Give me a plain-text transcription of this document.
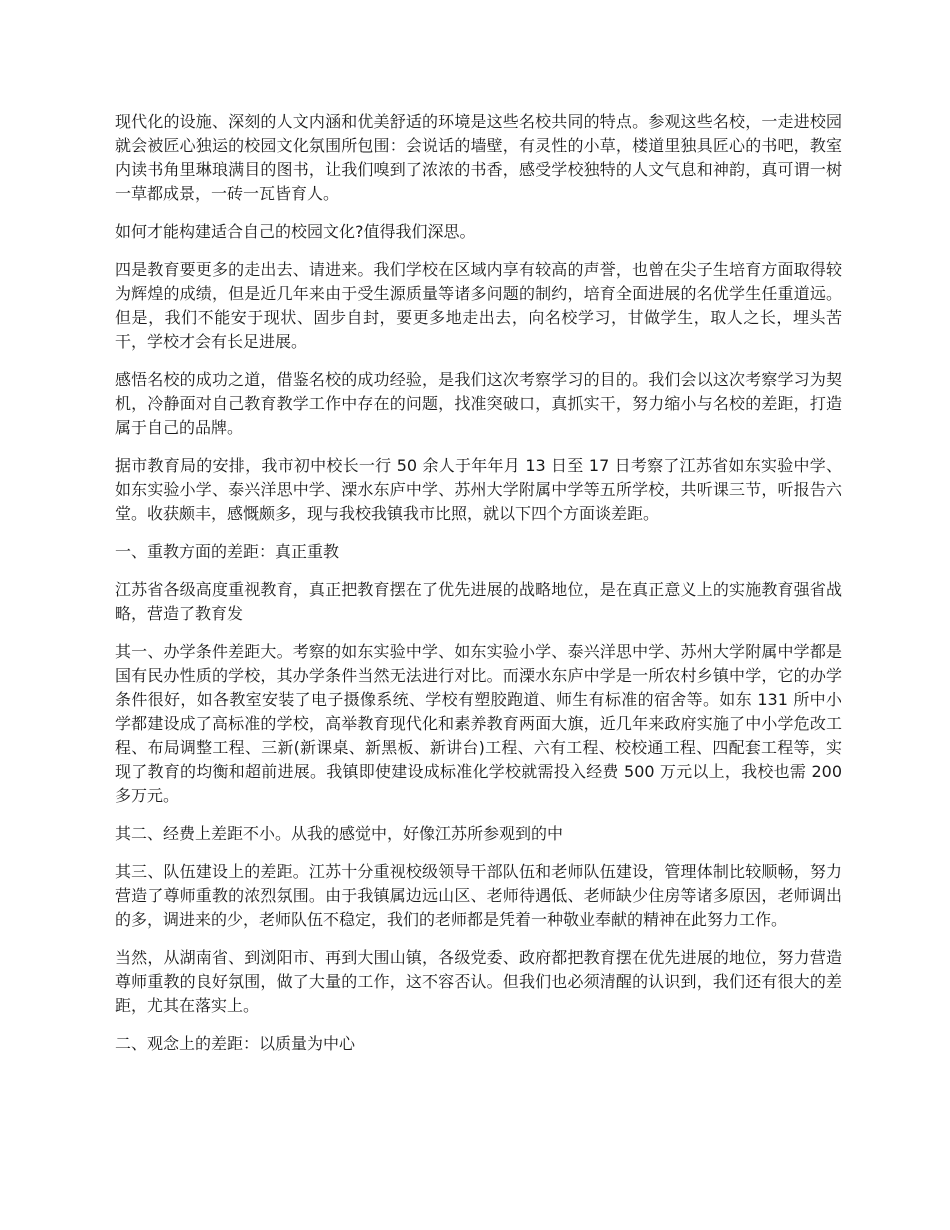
现代化的设施、深刻的人文内涵和优美舒适的环境是这些名校共同的特点。参观这些名校，一走进校园就会被匠心独运的校园文化氛围所包围：会说话的墙壁，有灵性的小草，楼道里独具匠心的书吧，教室内读书角里琳琅满目的图书，让我们嗅到了浓浓的书香，感受学校独特的人文气息和神韵，真可谓一树一草都成景，一砖一瓦皆育人。

如何才能构建适合自己的校园文化?值得我们深思。

四是教育要更多的走出去、请进来。我们学校在区域内享有较高的声誉，也曾在尖子生培育方面取得较为辉煌的成绩，但是近几年来由于受生源质量等诸多问题的制约，培育全面进展的名优学生任重道远。但是，我们不能安于现状、固步自封，要更多地走出去，向名校学习，甘做学生，取人之长，埋头苦干，学校才会有长足进展。

感悟名校的成功之道，借鉴名校的成功经验，是我们这次考察学习的目的。我们会以这次考察学习为契机，冷静面对自己教育教学工作中存在的问题，找准突破口，真抓实干，努力缩小与名校的差距，打造属于自己的品牌。

据市教育局的安排，我市初中校长一行 50 余人于年年月 13 日至 17 日考察了江苏省如东实验中学、如东实验小学、泰兴洋思中学、溧水东庐中学、苏州大学附属中学等五所学校，共听课三节，听报告六堂。收获颇丰，感慨颇多，现与我校我镇我市比照，就以下四个方面谈差距。

一、重教方面的差距：真正重教

江苏省各级高度重视教育，真正把教育摆在了优先进展的战略地位，是在真正意义上的实施教育强省战略，营造了教育发

其一、办学条件差距大。考察的如东实验中学、如东实验小学、泰兴洋思中学、苏州大学附属中学都是国有民办性质的学校，其办学条件当然无法进行对比。而溧水东庐中学是一所农村乡镇中学，它的办学条件很好，如各教室安装了电子摄像系统、学校有塑胶跑道、师生有标准的宿舍等。如东 131 所中小学都建设成了高标准的学校，高举教育现代化和素养教育两面大旗，近几年来政府实施了中小学危改工程、布局调整工程、三新(新课桌、新黑板、新讲台)工程、六有工程、校校通工程、四配套工程等，实现了教育的均衡和超前进展。我镇即使建设成标准化学校就需投入经费 500 万元以上，我校也需 200 多万元。

其二、经费上差距不小。从我的感觉中，好像江苏所参观到的中

其三、队伍建设上的差距。江苏十分重视校级领导干部队伍和老师队伍建设，管理体制比较顺畅，努力营造了尊师重教的浓烈氛围。由于我镇属边远山区、老师待遇低、老师缺少住房等诸多原因，老师调出的多，调进来的少，老师队伍不稳定，我们的老师都是凭着一种敬业奉献的精神在此努力工作。

当然，从湖南省、到浏阳市、再到大围山镇，各级党委、政府都把教育摆在优先进展的地位，努力营造尊师重教的良好氛围，做了大量的工作，这不容否认。但我们也必须清醒的认识到，我们还有很大的差距，尤其在落实上。

二、观念上的差距：以质量为中心
